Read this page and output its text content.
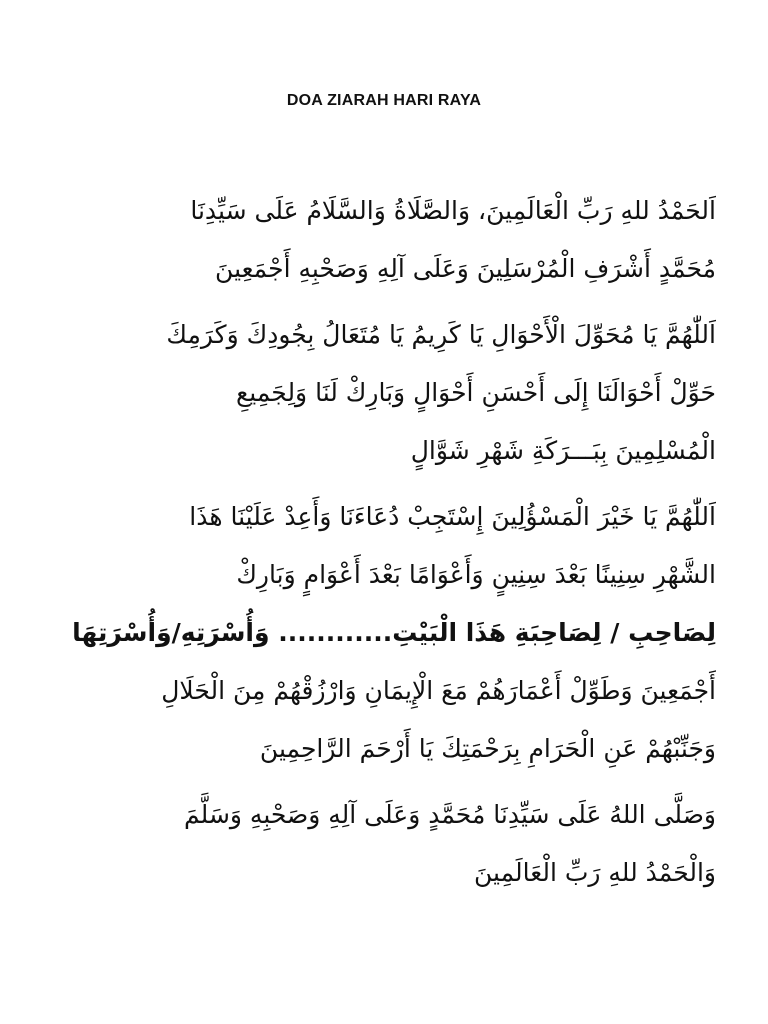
DOA ZIARAH HARI RAYA
اَلحَمْدُ للهِ رَبِّ الْعَالَمِينَ، وَالصَّلَاةُ وَالسَّلَامُ عَلَى سَيِّدِنَا
مُحَمَّدٍ أَشْرَفِ الْمُرْسَلِينَ وَعَلَى آلِهِ وَصَحْبِهِ أَجْمَعِينَ
اَللّٰهُمَّ يَا مُحَوِّلَ الْأَحْوَالِ يَا كَرِيمُ يَا مُتَعَالُ بِجُودِكَ وَكَرَمِكَ
حَوِّلْ أَحْوَالَنَا إِلَى أَحْسَنِ أَحْوَالٍ وَبَارِكْ لَنَا وَلِجَمِيعِ
الْمُسْلِمِينَ بِبَـــرَكَةِ شَهْرِ شَوَّالٍ
اَللّٰهُمَّ يَا خَيْرَ الْمَسْؤُلِينَ إِسْتَجِبْ دُعَاءَنَا وَأَعِدْ عَلَيْنَا هَذَا
الشَّهْرِ سِنِينًا بَعْدَ سِنِينٍ وَأَعْوَامًا بَعْدَ أَعْوَامٍ وَبَارِكْ
لِصَاحِبِ / لِصَاحِبَةِ هَذَا الْبَيْتِ............ وَأُسْرَتِهِ/وَأُسْرَتِهَا
أَجْمَعِينَ وَطَوِّلْ أَعْمَارَهُمْ مَعَ الْإِيمَانِ وَارْزُقْهُمْ مِنَ الْحَلَالِ
وَجَنِّبْهُمْ عَنِ الْحَرَامِ بِرَحْمَتِكَ يَا أَرْحَمَ الرَّاحِمِينَ
وَصَلَّى اللهُ عَلَى سَيِّدِنَا مُحَمَّدٍ وَعَلَى آلِهِ وَصَحْبِهِ وَسَلَّمَ
وَالْحَمْدُ للهِ رَبِّ الْعَالَمِينَ
